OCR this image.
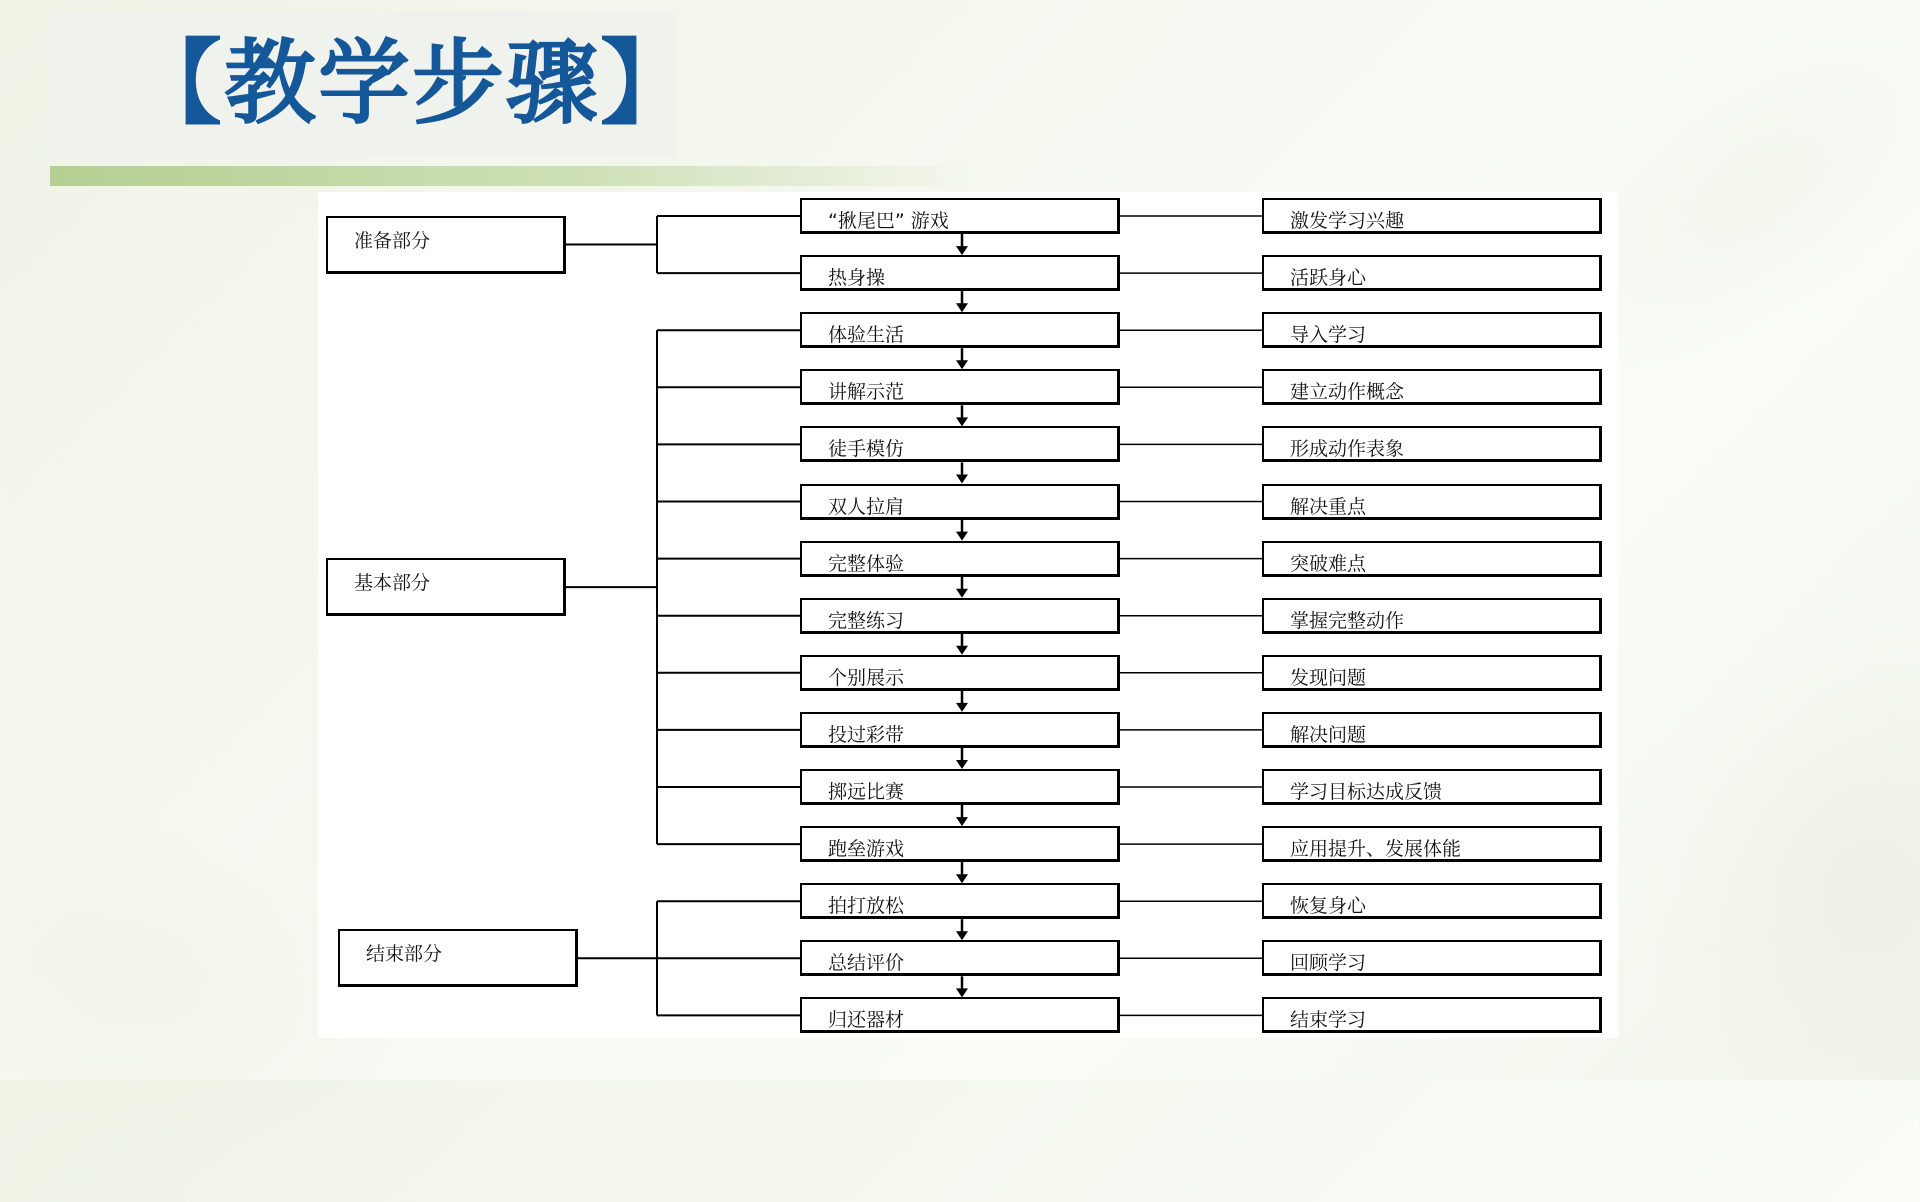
【教学步骤】
“揪尾巴” 游戏	激发学习兴趣
热身操	活跃身心
体验生活	导入学习
讲解示范	建立动作概念
徒手模仿	形成动作表象
双人拉肩	解决重点
完整体验	突破难点
完整练习	掌握完整动作
个别展示	发现问题
投过彩带	解决问题
掷远比赛	学习目标达成反馈
跑垒游戏	应用提升、发展体能
拍打放松	恢复身心
总结评价	回顾学习
归还器材	结束学习
准备部分
基本部分
结束部分
